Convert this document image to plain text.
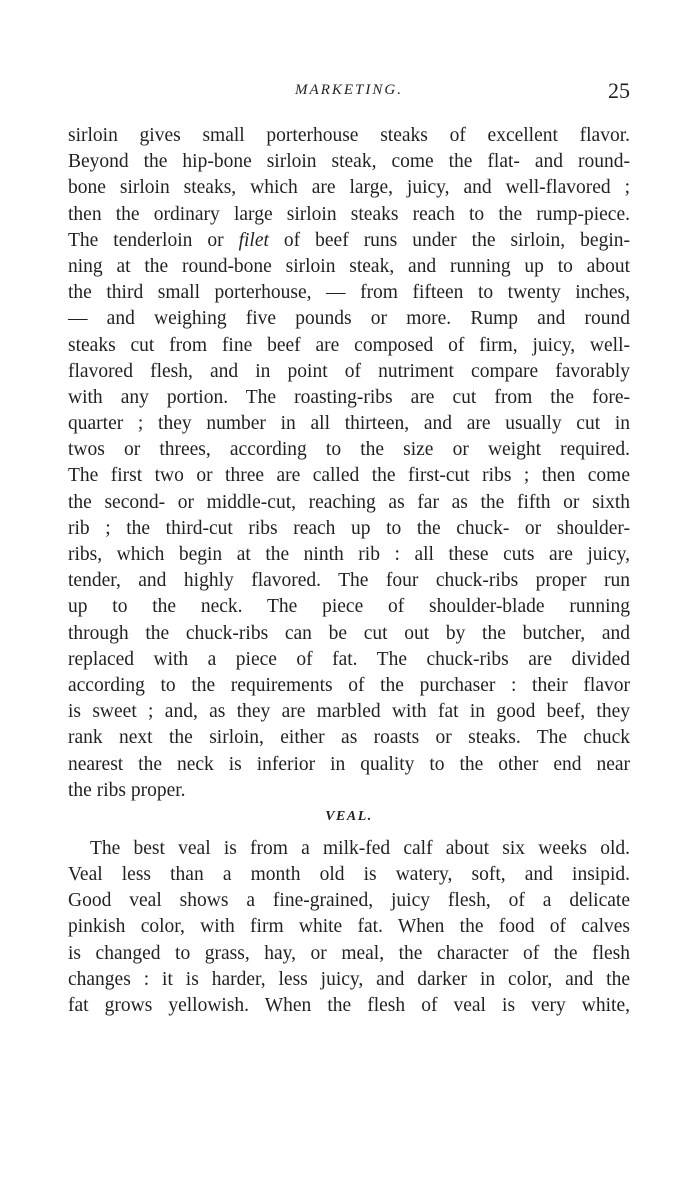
MARKETING.	25
sirloin gives small porterhouse steaks of excellent flavor.
Beyond the hip-bone sirloin steak, come the flat- and round-
bone sirloin steaks, which are large, juicy, and well-flavored ;
then the ordinary large sirloin steaks reach to the rump-piece.
The tenderloin or filet of beef runs under the sirloin, begin-
ning at the round-bone sirloin steak, and running up to about
the third small porterhouse, — from fifteen to twenty inches,
— and weighing five pounds or more. Rump and round
steaks cut from fine beef are composed of firm, juicy, well-
flavored flesh, and in point of nutriment compare favorably
with any portion. The roasting-ribs are cut from the fore-
quarter ; they number in all thirteen, and are usually cut in
twos or threes, according to the size or weight required.
The first two or three are called the first-cut ribs ; then come
the second- or middle-cut, reaching as far as the fifth or sixth
rib ; the third-cut ribs reach up to the chuck- or shoulder-
ribs, which begin at the ninth rib : all these cuts are juicy,
tender, and highly flavored. The four chuck-ribs proper run
up to the neck. The piece of shoulder-blade running
through the chuck-ribs can be cut out by the butcher, and
replaced with a piece of fat. The chuck-ribs are divided
according to the requirements of the purchaser : their flavor
is sweet ; and, as they are marbled with fat in good beef, they
rank next the sirloin, either as roasts or steaks. The chuck
nearest the neck is inferior in quality to the other end near
the ribs proper.
VEAL.
The best veal is from a milk-fed calf about six weeks old.
Veal less than a month old is watery, soft, and insipid.
Good veal shows a fine-grained, juicy flesh, of a delicate
pinkish color, with firm white fat. When the food of calves
is changed to grass, hay, or meal, the character of the flesh
changes : it is harder, less juicy, and darker in color, and the
fat grows yellowish. When the flesh of veal is very white,
